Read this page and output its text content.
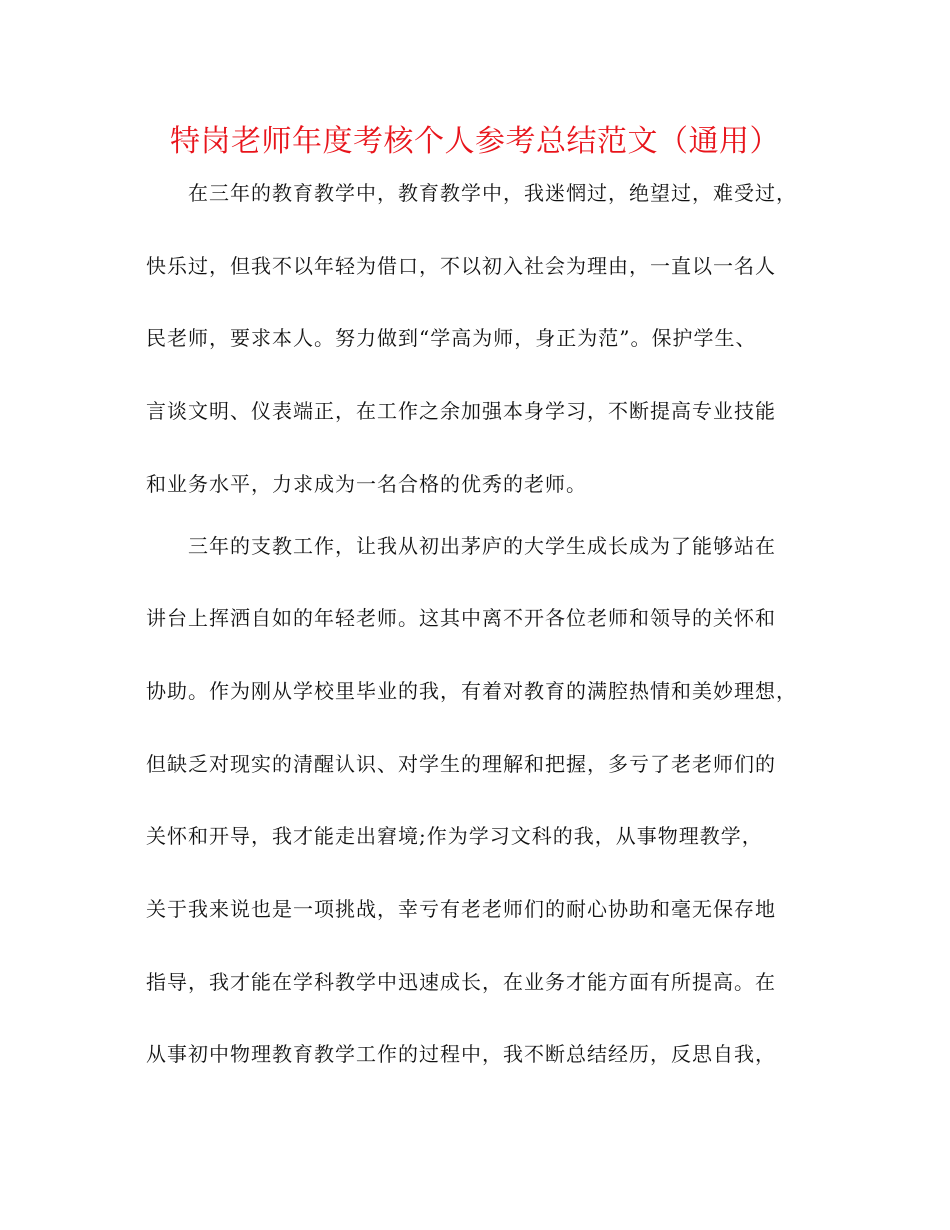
特岗老师年度考核个人参考总结范文（通用）
在三年的教育教学中，教育教学中，我迷惘过，绝望过，难受过，
快乐过，但我不以年轻为借口，不以初入社会为理由，一直以一名人
民老师，要求本人。努力做到“学高为师，身正为范”。保护学生、
言谈文明、仪表端正，在工作之余加强本身学习，不断提高专业技能
和业务水平，力求成为一名合格的优秀的老师。
三年的支教工作，让我从初出茅庐的大学生成长成为了能够站在
讲台上挥洒自如的年轻老师。这其中离不开各位老师和领导的关怀和
协助。作为刚从学校里毕业的我，有着对教育的满腔热情和美妙理想，
但缺乏对现实的清醒认识、对学生的理解和把握，多亏了老老师们的
关怀和开导，我才能走出窘境;作为学习文科的我，从事物理教学，
关于我来说也是一项挑战，幸亏有老老师们的耐心协助和毫无保存地
指导，我才能在学科教学中迅速成长，在业务才能方面有所提高。在
从事初中物理教育教学工作的过程中，我不断总结经历，反思自我，
